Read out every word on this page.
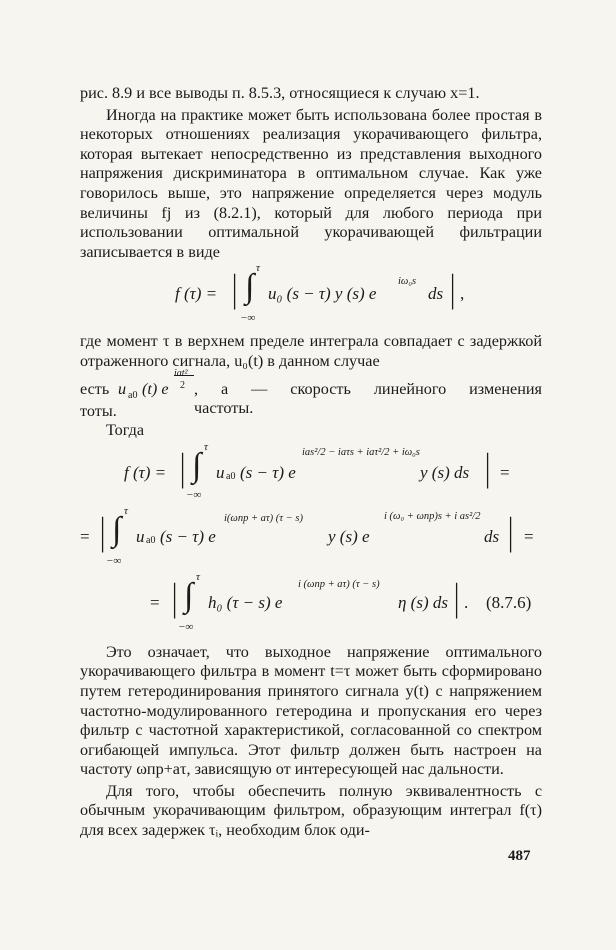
рис. 8.9 и все выводы п. 8.5.3, относящиеся к случаю x=1.

Иногда на практике может быть использована более простая в некоторых отношениях реализация укорачивающего фильтра, которая вытекает непосредственно из представления выходного напряжения дискриминатора в оптимальном случае. Как уже говорилось выше, это напряжение определяется через модуль величины fj из (8.2.1), который для любого периода при использовании оптимальной укорачивающей фильтрации записывается в виде

f (τ) = | ∫ τ
−∞
u₀ (s − τ) y (s) e
iω₀s
ds | ,

где момент τ в верхнем пределе интеграла совпадает с задержкой отраженного сигнала, u₀(t) в данном случае

есть u a0 (t) e
iat²
2 , a — скорость линейного изменения частоты.

тоты.

Тогда

f (τ) = | ∫ τ
−∞
u a0 (s − τ) e
ias²/2 − iaτs + iaτ²/2 + iω₀s
y (s) ds | =
= | ∫ τ
−∞
u a0 (s − τ) e
i(ωпр + aτ) (τ − s)
y (s) e
i (ω₀ + ωпр)s + i as²/2
ds | =
= | ∫ τ
−∞
h₀ (τ − s) e
i (ωпр + aτ) (τ − s)
η (s) ds | . (8.7.6)

Это означает, что выходное напряжение оптимального укорачивающего фильтра в момент t=τ может быть сформировано путем гетеродинирования принятого сигнала y(t) с напряжением частотно-модулированного гетеродина и пропускания его через фильтр с частотной характеристикой, согласованной со спектром огибающей импульса. Этот фильтр должен быть настроен на частоту ωпр+aτ, зависящую от интересующей нас дальности.

Для того, чтобы обеспечить полную эквивалентность с обычным укорачивающим фильтром, образующим интеграл f(τ) для всех задержек τᵢ, необходим блок оди-

487
